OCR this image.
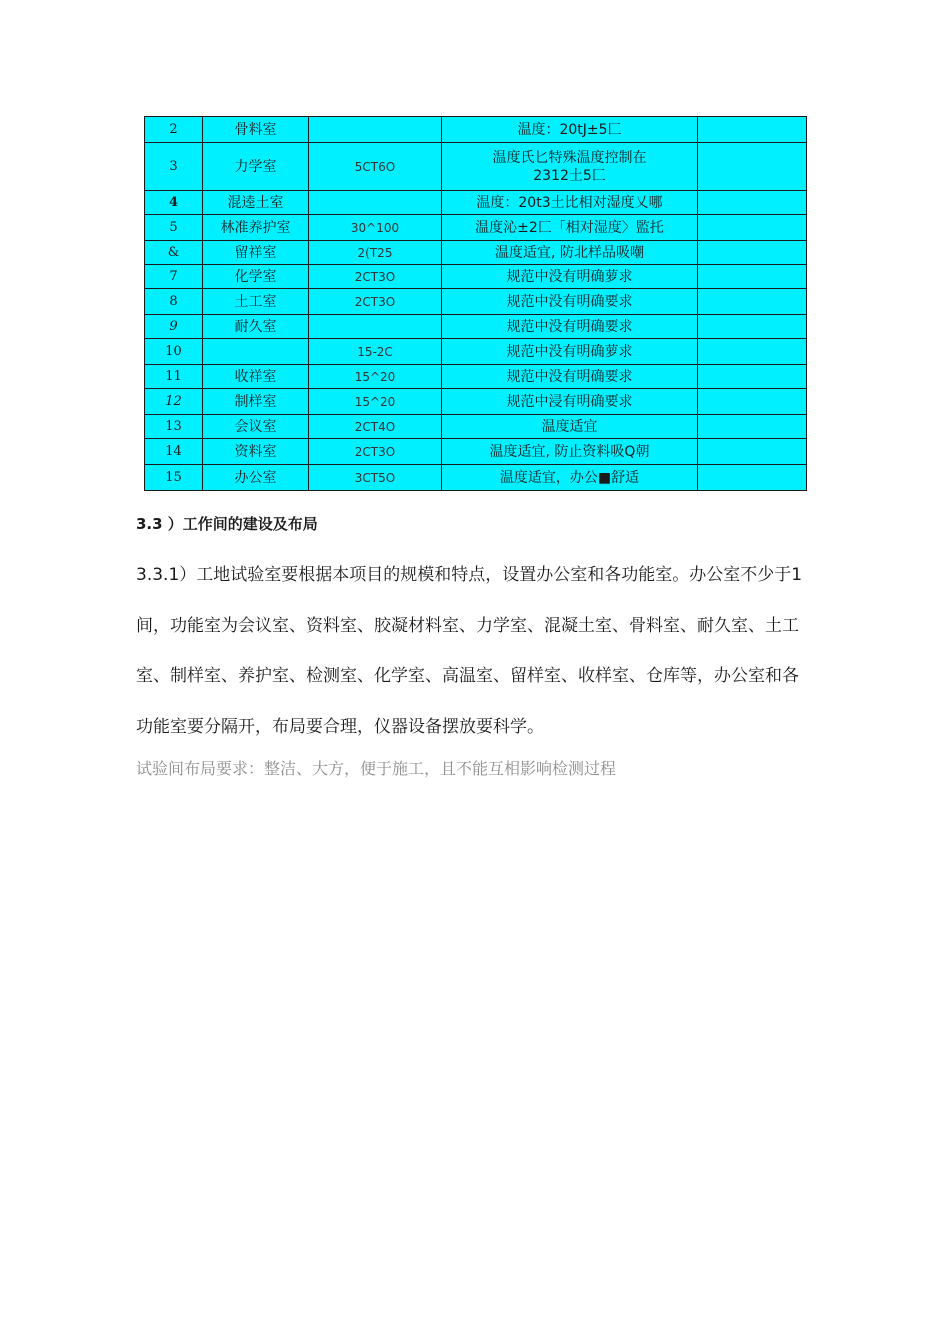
2	骨料室		温度：20tJ±5匚	
3	力学室	5CT6O	温度氏匕特殊温度控制在
2312土5匚	
4	混逵土室		温度：20t3土比相对湿度乂哪	
5	林准养护室	30^100	温度沁±2匚「相对湿度〉監托	
&	留祥室	2(T25	温度适宜, 防北样品吸嘲	
7	化学室	2CT3O	规范中没有明确萝求	
8	土工室	2CT3O	规范中没有明确要求	
9	耐久室		规范中没有明确要求	
10		15-2C	规范中没有明确萝求	
11	收祥室	15^20	规范中没有明确要求	
12	制样室	15^20	规范中浸有明确要求	
13	会议室	2CT4O	温度适宜	
14	资料室	2CT3O	温度适宜, 防止资料吸Q朝	
15	办公室	3CT5O	温度适宜，办公■舒适	
3.3 ）工作间的建设及布局
3.3.1）工地试验室要根据本项目的规模和特点，设置办公室和各功能室。办公室不少于1间，功能室为会议室、资料室、胶凝材料室、力学室、混凝土室、骨料室、耐久室、土工室、制样室、养护室、检测室、化学室、高温室、留样室、收样室、仓库等，办公室和各功能室要分隔开，布局要合理，仪器设备摆放要科学。
试验间布局要求：整洁、大方，便于施工，且不能互相影响检测过程
